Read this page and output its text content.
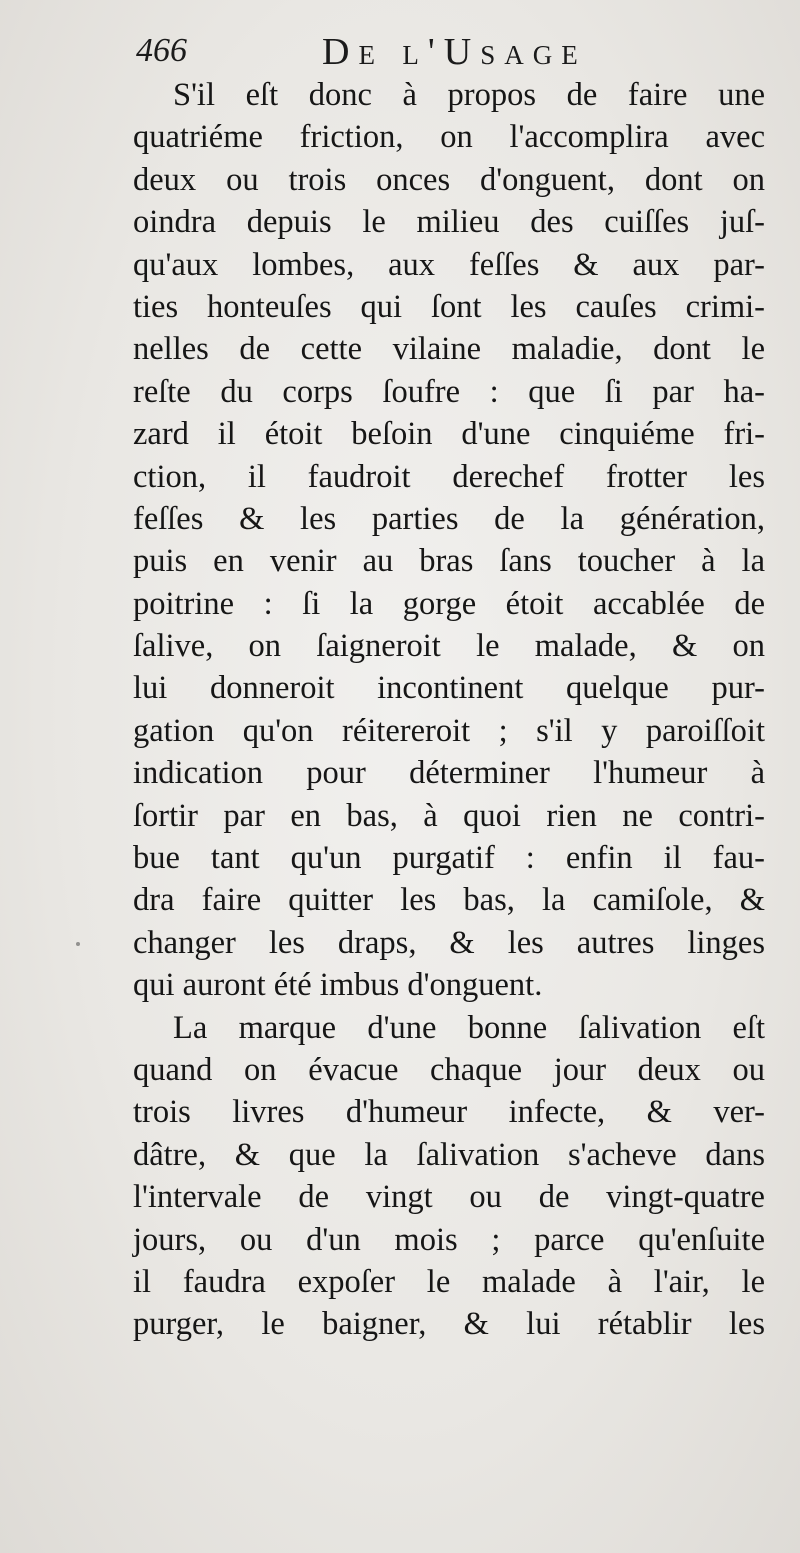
466	De l'Usage
S'il eſt donc à propos de faire une
quatriéme friction, on l'accomplira avec
deux ou trois onces d'onguent, dont on
oindra depuis le milieu des cuiſſes juſ-
qu'aux lombes, aux feſſes & aux par-
ties honteuſes qui ſont les cauſes crimi-
nelles de cette vilaine maladie, dont le
reſte du corps ſoufre : que ſi par ha-
zard il étoit beſoin d'une cinquiéme fri-
ction, il faudroit derechef frotter les
feſſes & les parties de la génération,
puis en venir au bras ſans toucher à la
poitrine : ſi la gorge étoit accablée de
ſalive, on ſaigneroit le malade, & on
lui donneroit incontinent quelque pur-
gation qu'on réitereroit ; s'il y paroiſſoit
indication pour déterminer l'humeur à
ſortir par en bas, à quoi rien ne contri-
bue tant qu'un purgatif : enfin il fau-
dra faire quitter les bas, la camiſole, &
changer les draps, & les autres linges
qui auront été imbus d'onguent.
La marque d'une bonne ſalivation eſt
quand on évacue chaque jour deux ou
trois livres d'humeur infecte, & ver-
dâtre, & que la ſalivation s'acheve dans
l'intervale de vingt ou de vingt-quatre
jours, ou d'un mois ; parce qu'enſuite
il faudra expoſer le malade à l'air, le
purger, le baigner, & lui rétablir les
